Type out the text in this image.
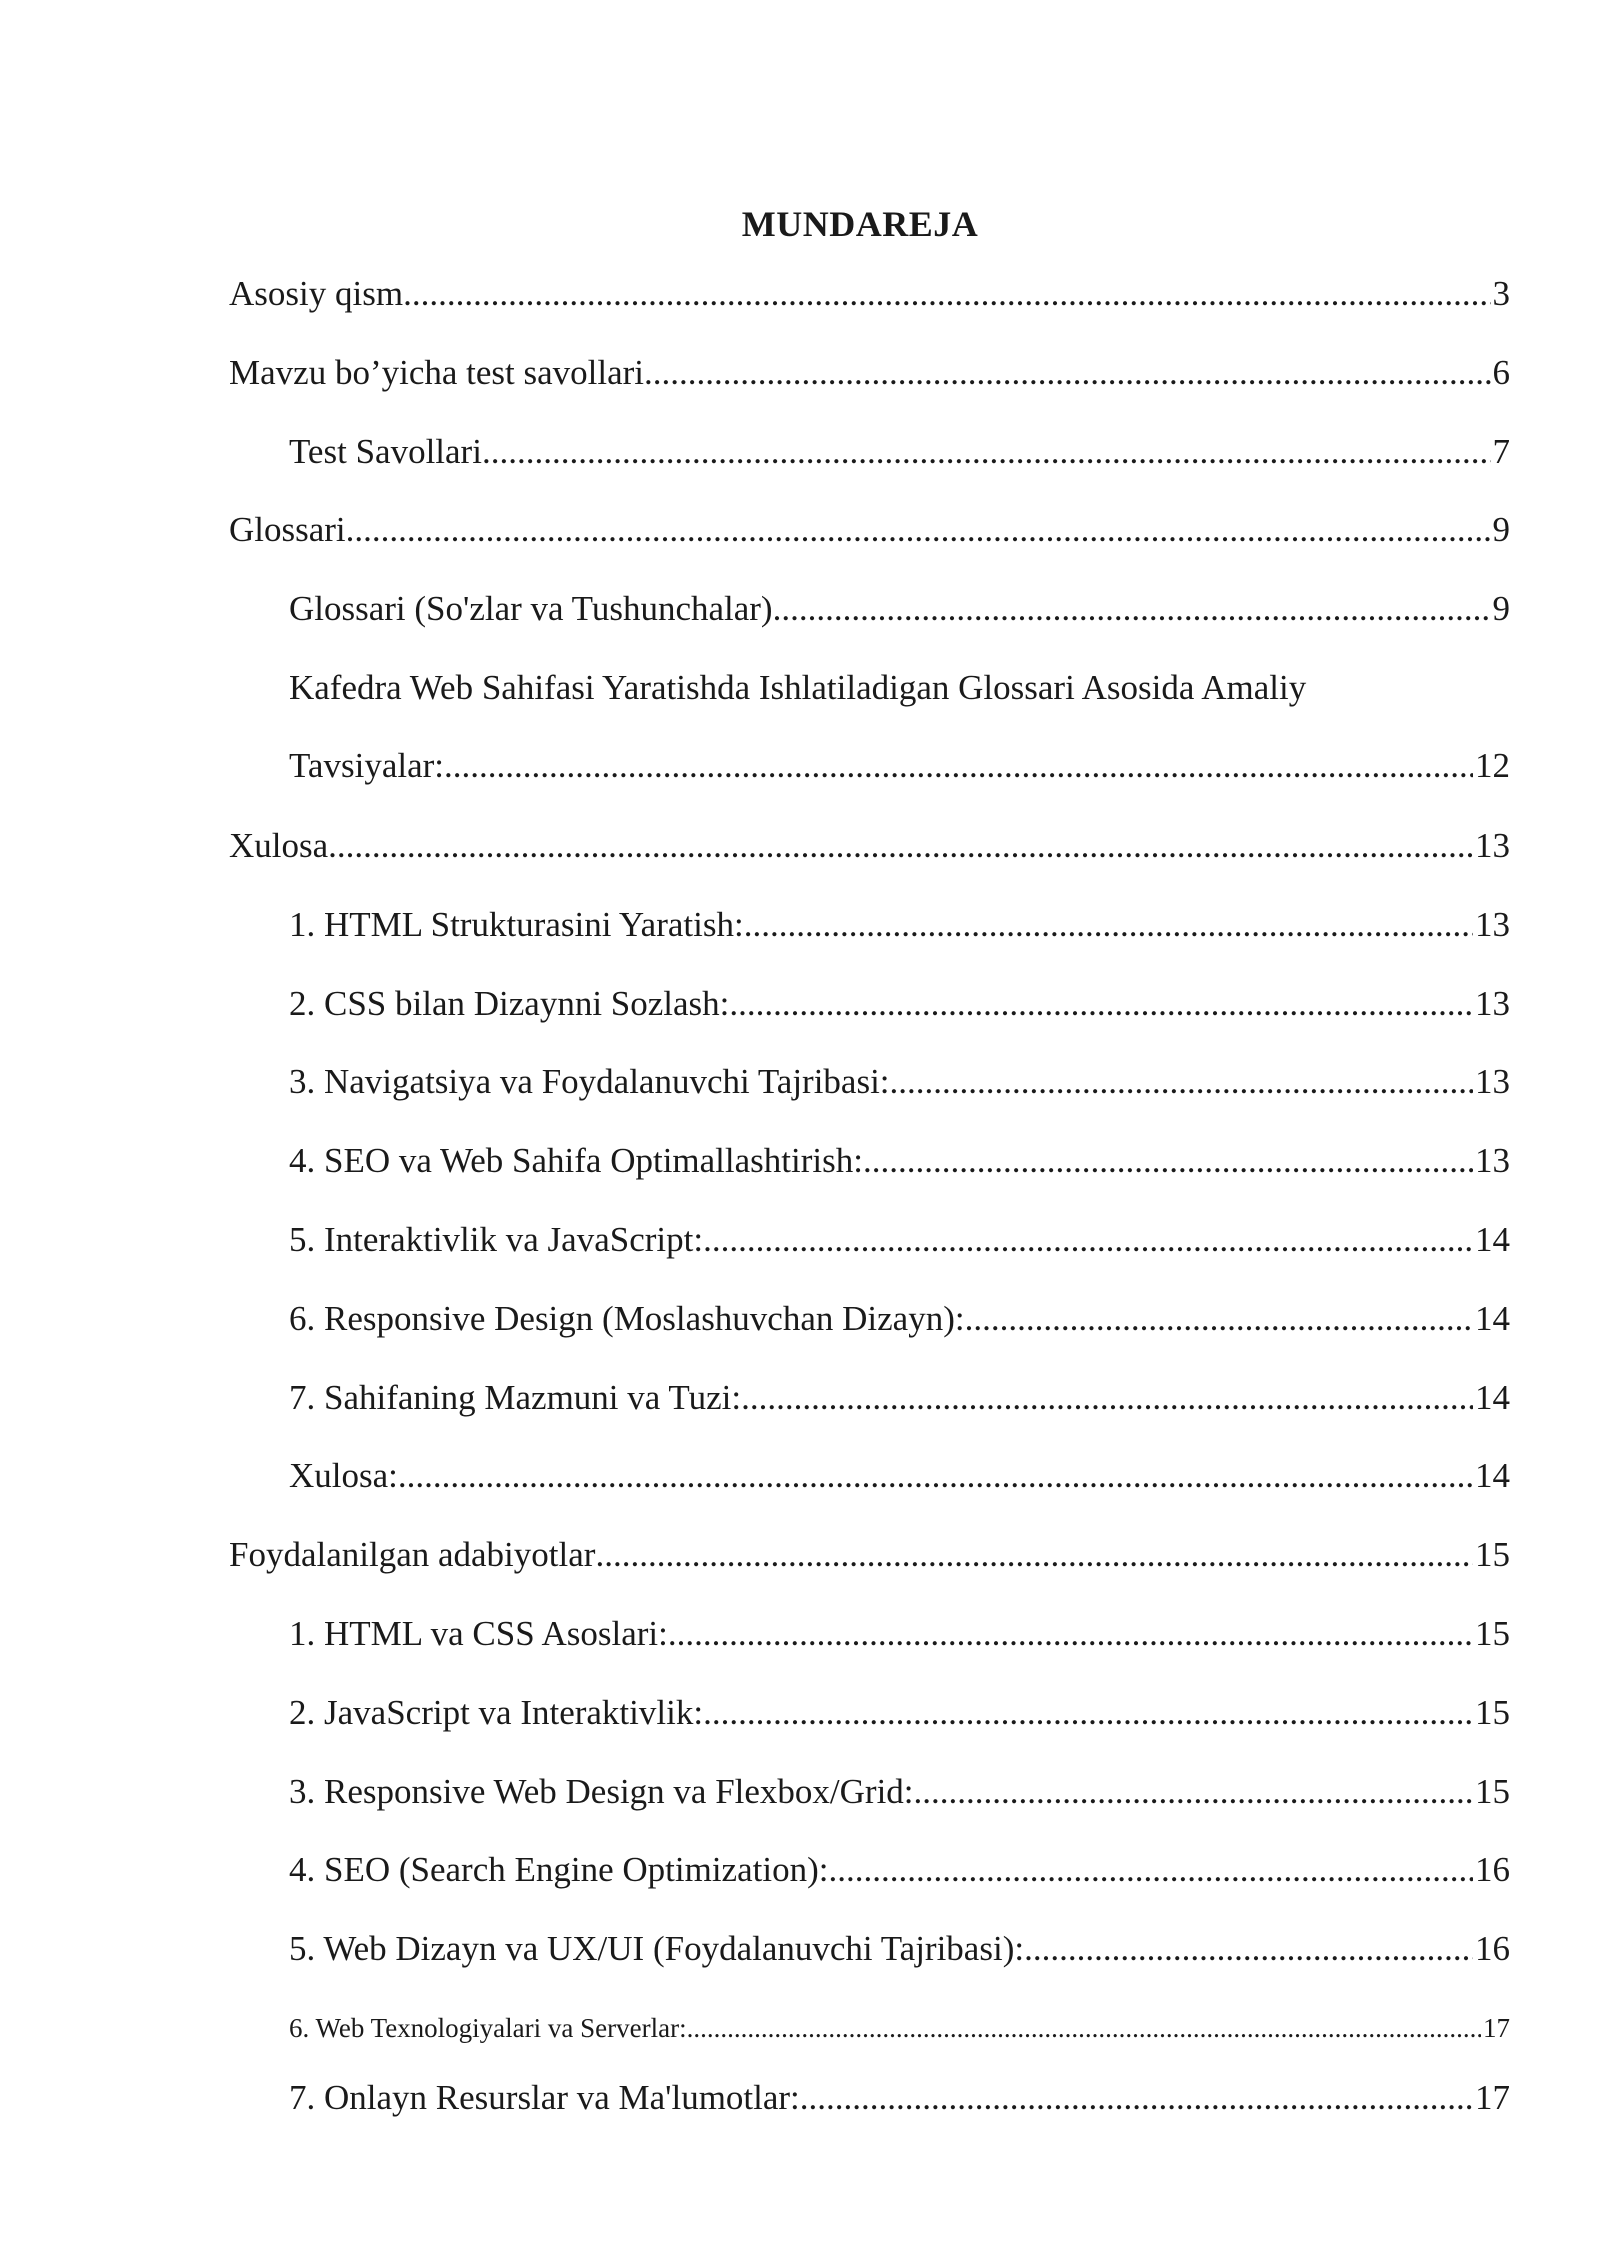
MUNDAREJA
Asosiy qism .....	3
Mavzu bo’yicha test savollari .....	6
Test Savollari .....	7
Glossari .....	9
Glossari (So'zlar va Tushunchalar) .....	9
Kafedra Web Sahifasi Yaratishda Ishlatiladigan Glossari Asosida Amaliy
Tavsiyalar: .....	12
Xulosa .....	13
1. HTML Strukturasini Yaratish: .....	13
2. CSS bilan Dizaynni Sozlash: .....	13
3. Navigatsiya va Foydalanuvchi Tajribasi: .....	13
4. SEO va Web Sahifa Optimallashtirish: .....	13
5. Interaktivlik va JavaScript: .....	14
6. Responsive Design (Moslashuvchan Dizayn): .....	14
7. Sahifaning Mazmuni va Tuzi: .....	14
Xulosa: .....	14
Foydalanilgan adabiyotlar .....	15
1. HTML va CSS Asoslari: .....	15
2. JavaScript va Interaktivlik: .....	15
3. Responsive Web Design va Flexbox/Grid: .....	15
4. SEO (Search Engine Optimization): .....	16
5. Web Dizayn va UX/UI (Foydalanuvchi Tajribasi): .....	16
6. Web Texnologiyalari va Serverlar: .....	17
7. Onlayn Resurslar va Ma'lumotlar: .....	17
